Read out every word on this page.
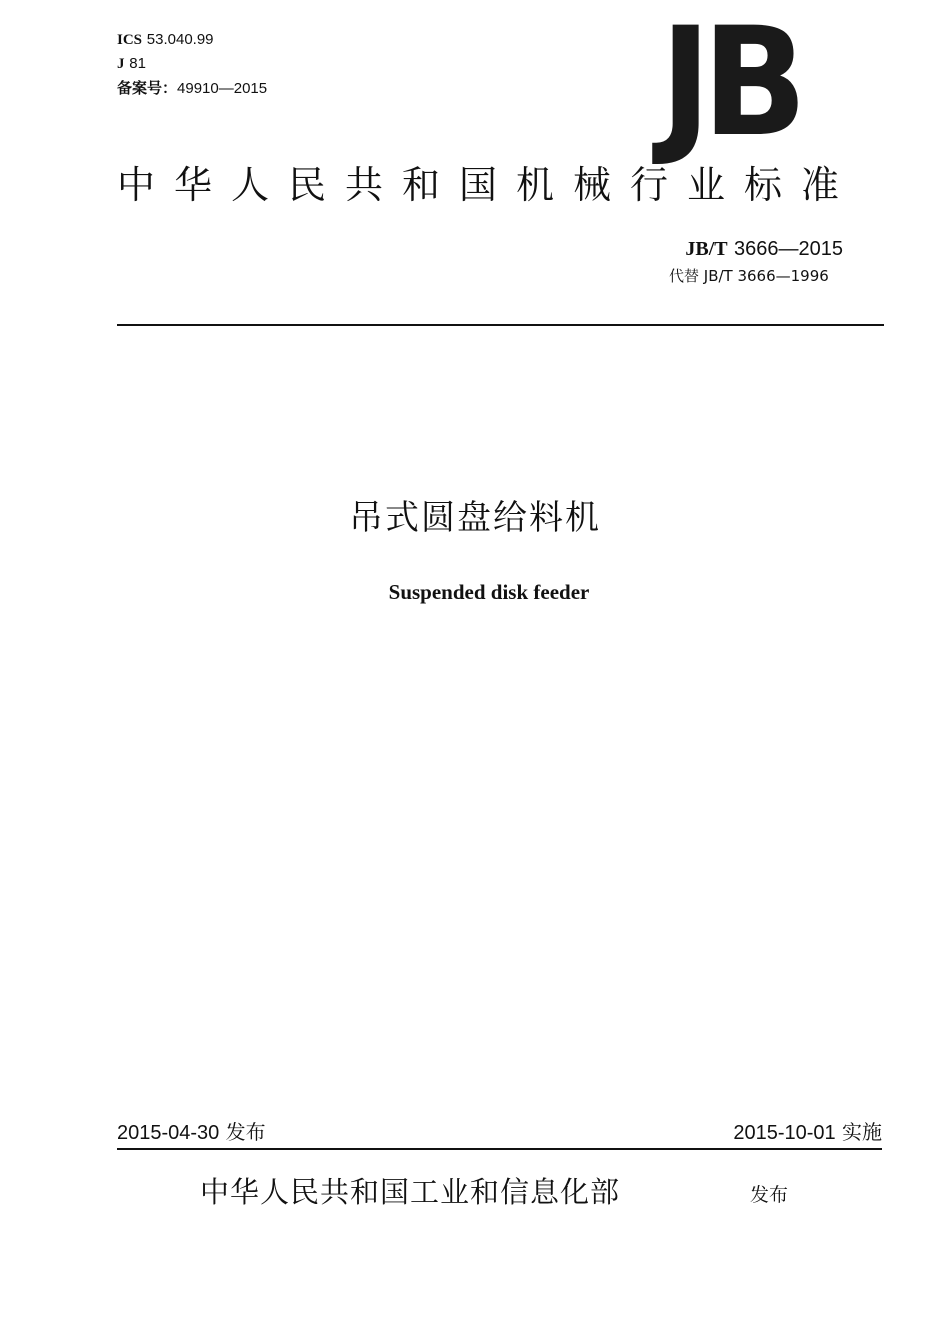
ICS 53.040.99
J 81
备案号：49910—2015	JB
中华人民共和国机械行业标准
JB/T 3666—2015
代替 JB/T 3666—1996
吊式圆盘给料机
Suspended disk feeder
2015-04-30 发布	2015-10-01 实施
中华人民共和国工业和信息化部	发布
